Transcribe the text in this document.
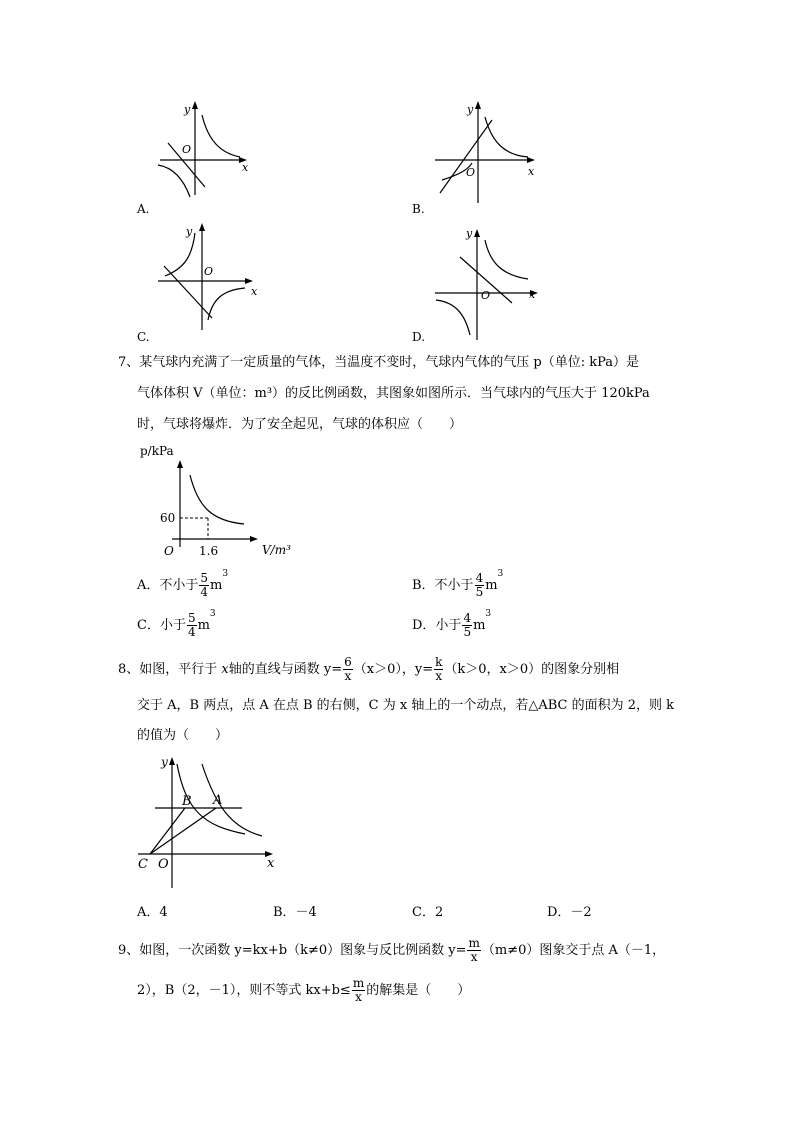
y
O
x
A.
y
O	x
B.
y
O
x
C.
y
O	x
D.
7、某气球内充满了一定质量的气体，当温度不变时，气球内气体的气压 p（单位: kPa）是
气体体积 V（单位：m³）的反比例函数，其图象如图所示．当气球内的气压大于 120kPa
时，气球将爆炸．为了安全起见，气球的体积应（　　）
p/kPa
60
O 1.6	V/m³
A．不小于 $\frac{5}{4} m^3$
B．不小于 $\frac{4}{5} m^3$
C．小于 $\frac{5}{4} m^3$
D．小于 $\frac{4}{5} m^3$
8、如图，平行于 x轴的直线与函数 $y= \frac{6}{x} (x>0)$，$y= \frac{k}{x} (k>0$，x＞0）的图象分别相
交于 A，B 两点，点 A 在点 B 的右侧，C 为 x 轴上的一个动点，若△ABC 的面积为 2，则 k
的值为（　　）
y
B A
C O	x
A．4	B．－4	C．2	D．－2
9、如图，一次函数 y=kx+b（k≠0）图象与反比例函数 $y= \frac{m}{x} (m\ne 0)$图象交于点 A（－1，
2），B（2，－1），则不等式 $kx+b\le \frac{m}{x}$ 的解集是（　　）
